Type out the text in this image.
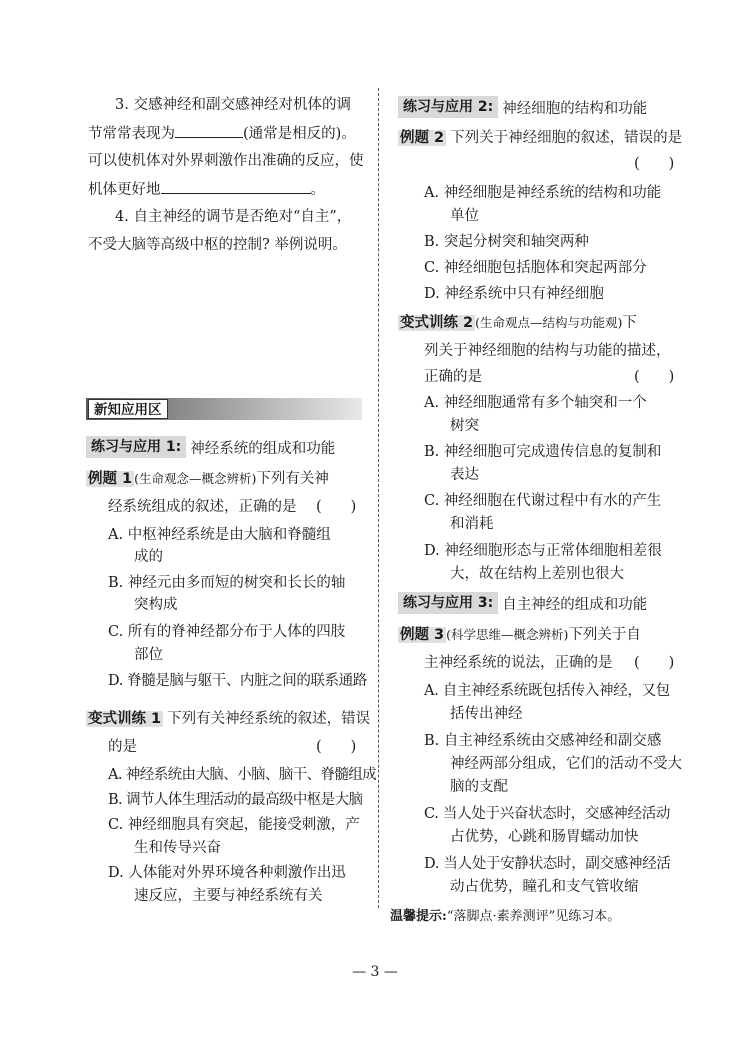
3. 交感神经和副交感神经对机体的调
节常常表现为	(通常是相反的)。
可以使机体对外界刺激作出准确的反应，使
机体更好地	。
4. 自主神经的调节是否绝对“自主”，
不受大脑等高级中枢的控制? 举例说明。
新知应用区
练习与应用 1: 神经系统的组成和功能
例题 1 (生命观念—概念辨析)下列有关神
经系统组成的叙述，正确的是 (　　)
A. 中枢神经系统是由大脑和脊髓组
成的
B. 神经元由多而短的树突和长长的轴
突构成
C. 所有的脊神经都分布于人体的四肢
部位
D. 脊髓是脑与躯干、内脏之间的联系通路
变式训练 1 下列有关神经系统的叙述，错误
的是	(　　)
A. 神经系统由大脑、小脑、脑干、脊髓组成
B. 调节人体生理活动的最高级中枢是大脑
C. 神经细胞具有突起，能接受刺激，产
生和传导兴奋
D. 人体能对外界环境各种刺激作出迅
速反应，主要与神经系统有关
练习与应用 2: 神经细胞的结构和功能
例题 2 下列关于神经细胞的叙述，错误的是
(　　)
A. 神经细胞是神经系统的结构和功能
单位
B. 突起分树突和轴突两种
C. 神经细胞包括胞体和突起两部分
D. 神经系统中只有神经细胞
变式训练 2 (生命观点—结构与功能观)下
列关于神经细胞的结构与功能的描述，
正确的是	(　　)
A. 神经细胞通常有多个轴突和一个
树突
B. 神经细胞可完成遗传信息的复制和
表达
C. 神经细胞在代谢过程中有水的产生
和消耗
D. 神经细胞形态与正常体细胞相差很
大，故在结构上差别也很大
练习与应用 3: 自主神经的组成和功能
例题 3 (科学思维—概念辨析)下列关于自
主神经系统的说法，正确的是 (　　)
A. 自主神经系统既包括传入神经，又包
括传出神经
B. 自主神经系统由交感神经和副交感
神经两部分组成，它们的活动不受大
脑的支配
C. 当人处于兴奋状态时，交感神经活动
占优势，心跳和肠胃蠕动加快
D. 当人处于安静状态时，副交感神经活
动占优势，瞳孔和支气管收缩
温馨提示:“落脚点·素养测评”见练习本。
— 3 —
